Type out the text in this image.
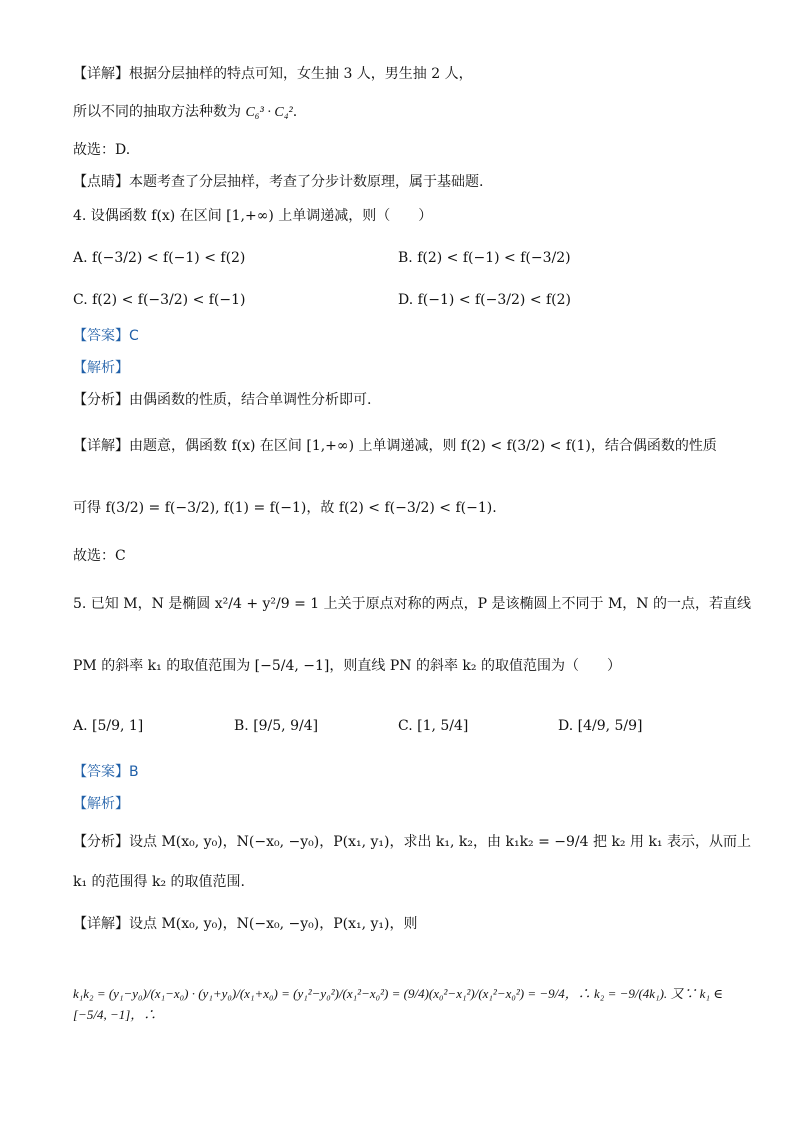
【详解】根据分层抽样的特点可知，女生抽 3 人，男生抽 2 人，
所以不同的抽取方法种数为 C₆³ · C₄².
故选：D.
【点睛】本题考查了分层抽样，考查了分步计数原理，属于基础题.
4. 设偶函数 f(x) 在区间 [1,+∞) 上单调递减，则（　　）
A. f(−3/2) < f(−1) < f(2)	B. f(2) < f(−1) < f(−3/2)
C. f(2) < f(−3/2) < f(−1)	D. f(−1) < f(−3/2) < f(2)
【答案】C
【解析】
【分析】由偶函数的性质，结合单调性分析即可.
【详解】由题意，偶函数 f(x) 在区间 [1,+∞) 上单调递减，则 f(2) < f(3/2) < f(1)，结合偶函数的性质
可得 f(3/2) = f(−3/2), f(1) = f(−1)，故 f(2) < f(−3/2) < f(−1).
故选：C
5. 已知 M，N 是椭圆 x²/4 + y²/9 = 1 上关于原点对称的两点，P 是该椭圆上不同于 M，N 的一点，若直线
PM 的斜率 k₁ 的取值范围为 [−5/4, −1]，则直线 PN 的斜率 k₂ 的取值范围为（　　）
A. [5/9, 1]	B. [9/5, 9/4]	C. [1, 5/4]	D. [4/9, 5/9]
【答案】B
【解析】
【分析】设点 M(x₀, y₀)，N(−x₀, −y₀)，P(x₁, y₁)，求出 k₁, k₂，由 k₁k₂ = −9/4 把 k₂ 用 k₁ 表示，从而上
k₁ 的范围得 k₂ 的取值范围.
【详解】设点 M(x₀, y₀)，N(−x₀, −y₀)，P(x₁, y₁)，则
k₁k₂ = (y₁−y₀)/(x₁−x₀) · (y₁+y₀)/(x₁+x₀) = (y₁²−y₀²)/(x₁²−x₀²) = (9/4)(x₀²−x₁²)/(x₁²−x₀²) = −9/4，∴ k₂ = −9/(4k₁). 又∵ k₁ ∈ [−5/4, −1]，∴
